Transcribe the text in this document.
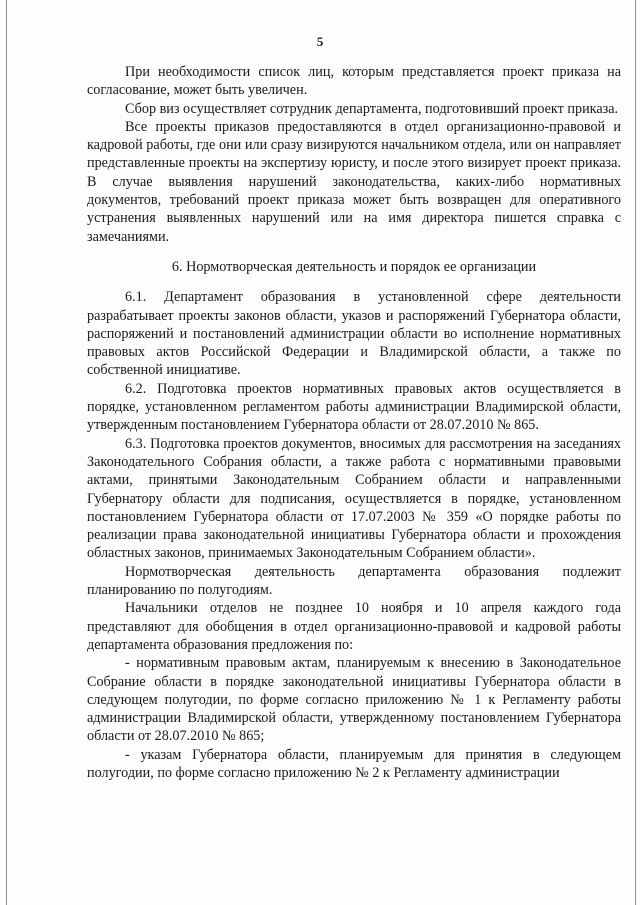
5

При необходимости список лиц, которым представляется проект приказа на согласование, может быть увеличен.

Сбор виз осуществляет сотрудник департамента, подготовивший проект приказа.

Все проекты приказов предоставляются в отдел организационно-правовой и кадровой работы, где они или сразу визируются начальником отдела, или он направляет представленные проекты на экспертизу юристу, и после этого визирует проект приказа. В случае выявления нарушений законодательства, каких-либо нормативных документов, требований проект приказа может быть возвращен для оперативного устранения выявленных нарушений или на имя директора пишется справка с замечаниями.

6. Нормотворческая деятельность и порядок ее организации

6.1. Департамент образования в установленной сфере деятельности разрабатывает проекты законов области, указов и распоряжений Губернатора области, распоряжений и постановлений администрации области во исполнение нормативных правовых актов Российской Федерации и Владимирской области, а также по собственной инициативе.

6.2. Подготовка проектов нормативных правовых актов осуществляется в порядке, установленном регламентом работы администрации Владимирской области, утвержденным постановлением Губернатора области от 28.07.2010 № 865.

6.3. Подготовка проектов документов, вносимых для рассмотрения на заседаниях Законодательного Собрания области, а также работа с нормативными правовыми актами, принятыми Законодательным Собранием области и направленными Губернатору области для подписания, осуществляется в порядке, установленном постановлением Губернатора области от 17.07.2003 № 359 «О порядке работы по реализации права законодательной инициативы Губернатора области и прохождения областных законов, принимаемых Законодательным Собранием области».

Нормотворческая деятельность департамента образования подлежит планированию по полугодиям.

Начальники отделов не позднее 10 ноября и 10 апреля каждого года представляют для обобщения в отдел организационно-правовой и кадровой работы департамента образования предложения по:

- нормативным правовым актам, планируемым к внесению в Законодательное Собрание области в порядке законодательной инициативы Губернатора области в следующем полугодии, по форме согласно приложению № 1 к Регламенту работы администрации Владимирской области, утвержденному постановлением Губернатора области от 28.07.2010 № 865;

- указам Губернатора области, планируемым для принятия в следующем полугодии, по форме согласно приложению № 2 к Регламенту администрации
